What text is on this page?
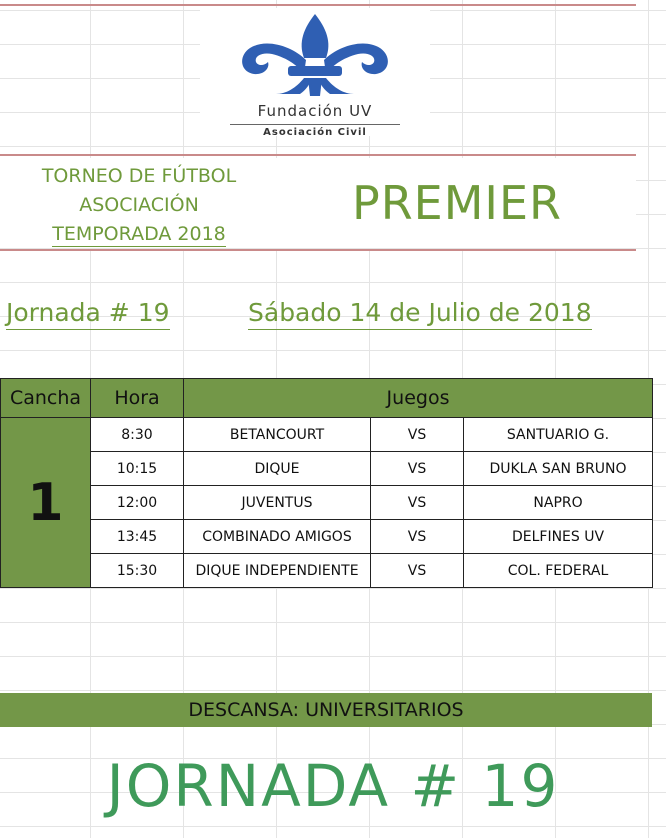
Fundación UV
Asociación Civil
TORNEO DE FÚTBOL
ASOCIACIÓN
TEMPORADA 2018
PREMIER
Jornada # 19	Sábado 14 de Julio de 2018
Cancha	Hora	Juegos		
1	8:30	BETANCOURT	VS	SANTUARIO G.
	10:15	DIQUE	VS	DUKLA SAN BRUNO
	12:00	JUVENTUS	VS	NAPRO
	13:45	COMBINADO AMIGOS	VS	DELFINES UV
	15:30	DIQUE INDEPENDIENTE	VS	COL. FEDERAL
DESCANSA: UNIVERSITARIOS
JORNADA # 19
